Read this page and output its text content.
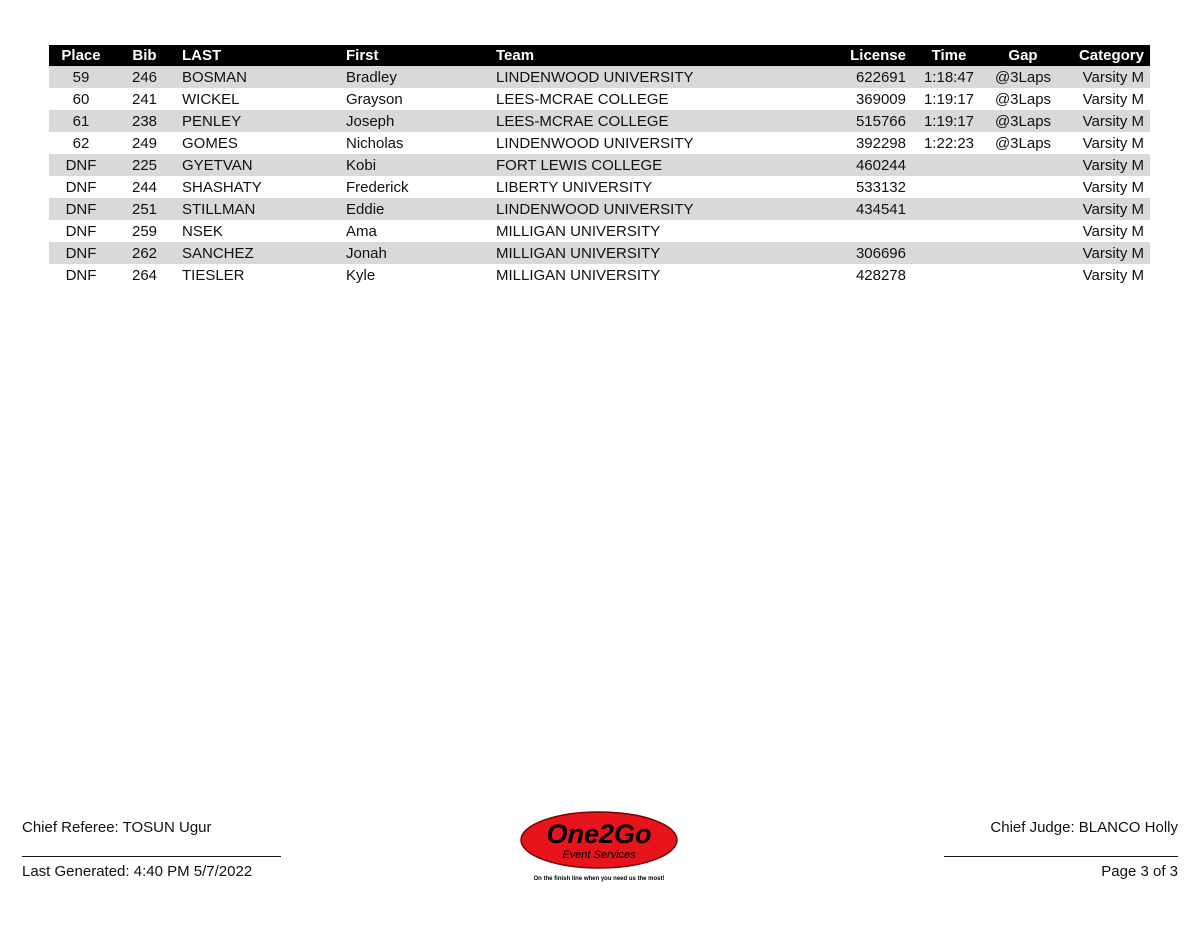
Place	Bib	LAST	First	Team	License	Time	Gap	Category
59	246	BOSMAN	Bradley	LINDENWOOD UNIVERSITY	622691	1:18:47	@3Laps	Varsity M
60	241	WICKEL	Grayson	LEES-MCRAE COLLEGE	369009	1:19:17	@3Laps	Varsity M
61	238	PENLEY	Joseph	LEES-MCRAE COLLEGE	515766	1:19:17	@3Laps	Varsity M
62	249	GOMES	Nicholas	LINDENWOOD UNIVERSITY	392298	1:22:23	@3Laps	Varsity M
DNF	225	GYETVAN	Kobi	FORT LEWIS COLLEGE	460244			Varsity M
DNF	244	SHASHATY	Frederick	LIBERTY UNIVERSITY	533132			Varsity M
DNF	251	STILLMAN	Eddie	LINDENWOOD UNIVERSITY	434541			Varsity M
DNF	259	NSEK	Ama	MILLIGAN UNIVERSITY				Varsity M
DNF	262	SANCHEZ	Jonah	MILLIGAN UNIVERSITY	306696			Varsity M
DNF	264	TIESLER	Kyle	MILLIGAN UNIVERSITY	428278			Varsity M
Chief Referee: TOSUN Ugur
Last Generated: 4:40 PM 5/7/2022
Chief Judge: BLANCO Holly
Page 3 of 3
One2Go
Event Services
On the finish line when you need us the most!
